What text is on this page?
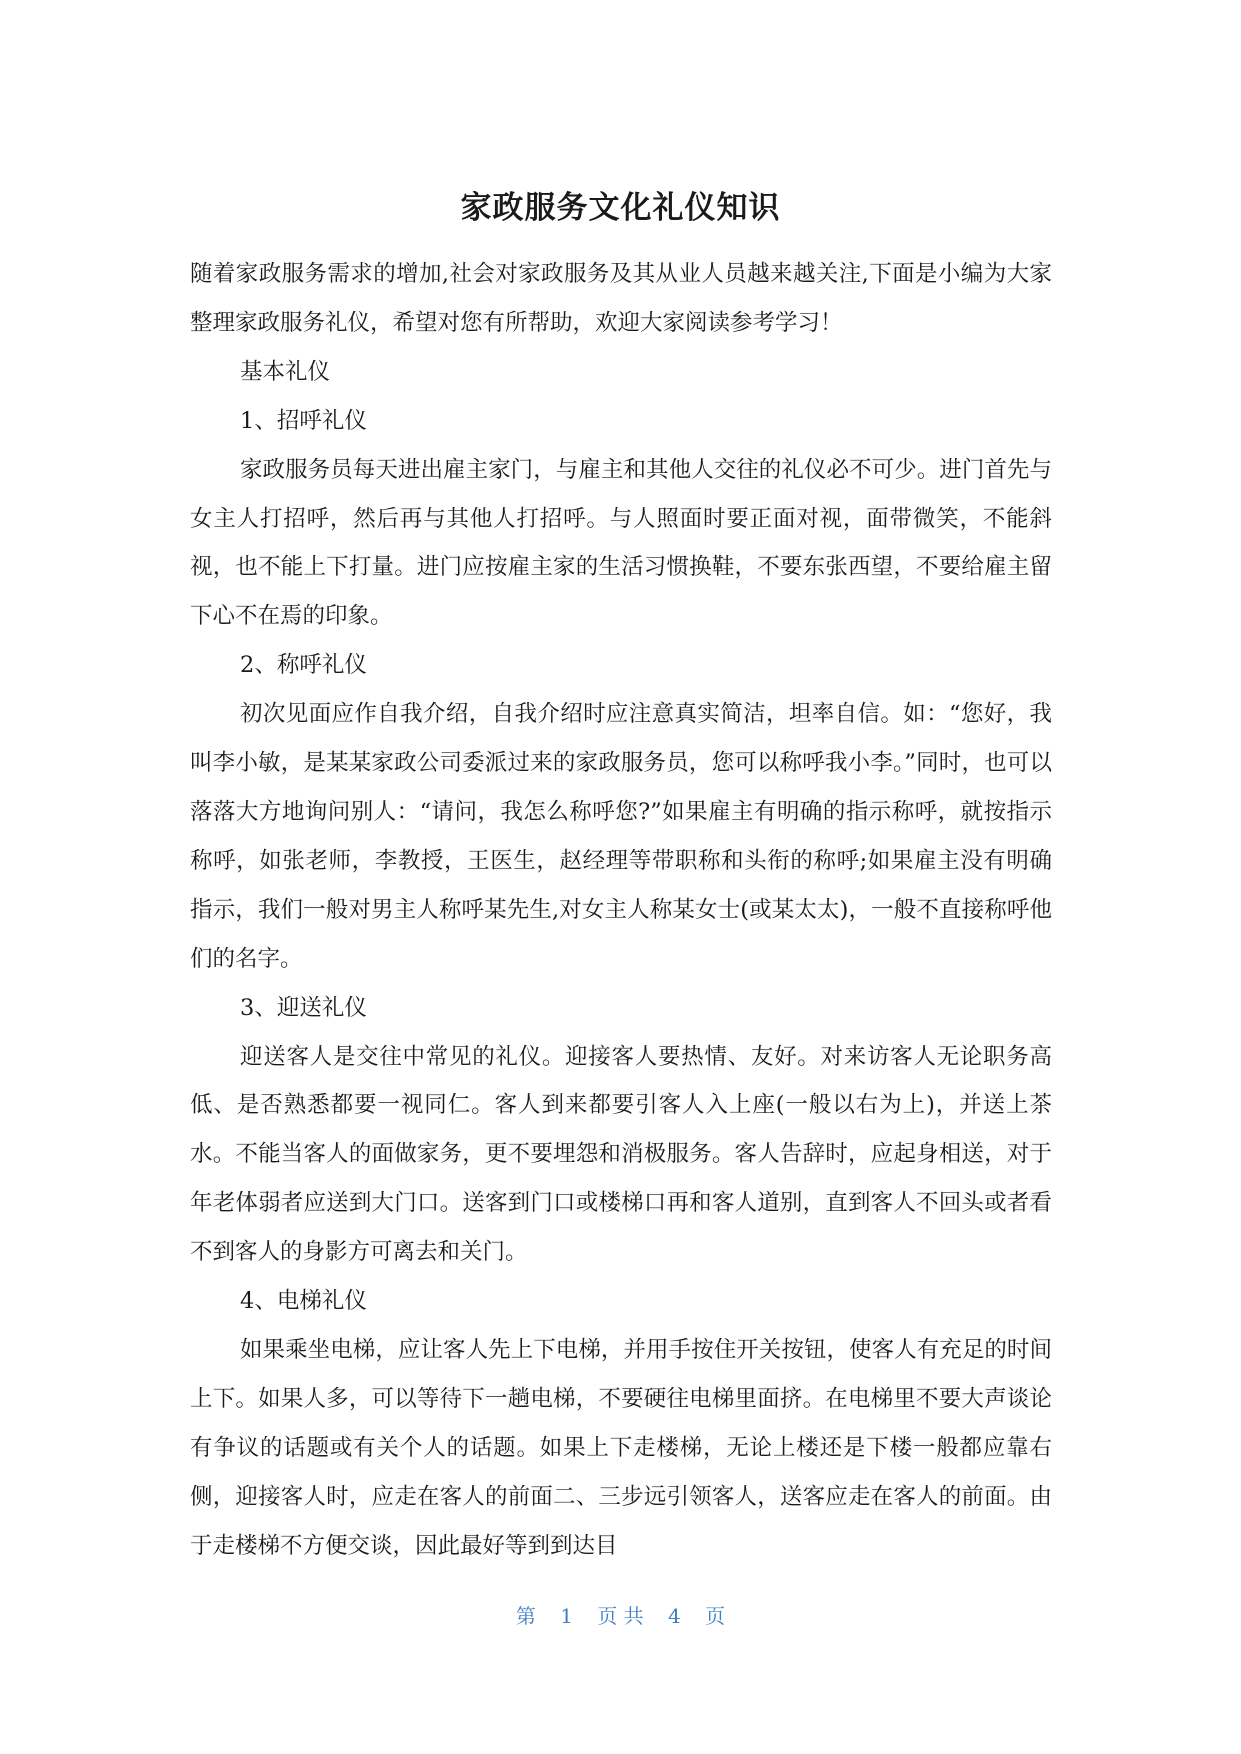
家政服务文化礼仪知识

随着家政服务需求的增加,社会对家政服务及其从业人员越来越关注,下面是小编为大家整理家政服务礼仪，希望对您有所帮助，欢迎大家阅读参考学习！

基本礼仪

1、招呼礼仪

家政服务员每天进出雇主家门，与雇主和其他人交往的礼仪必不可少。进门首先与女主人打招呼，然后再与其他人打招呼。与人照面时要正面对视，面带微笑，不能斜视，也不能上下打量。进门应按雇主家的生活习惯换鞋，不要东张西望，不要给雇主留下心不在焉的印象。

2、称呼礼仪

初次见面应作自我介绍，自我介绍时应注意真实简洁，坦率自信。如：“您好，我叫李小敏，是某某家政公司委派过来的家政服务员，您可以称呼我小李。”同时，也可以落落大方地询问别人：“请问，我怎么称呼您?”如果雇主有明确的指示称呼，就按指示称呼，如张老师，李教授，王医生，赵经理等带职称和头衔的称呼;如果雇主没有明确指示，我们一般对男主人称呼某先生,对女主人称某女士(或某太太)，一般不直接称呼他们的名字。

3、迎送礼仪

迎送客人是交往中常见的礼仪。迎接客人要热情、友好。对来访客人无论职务高低、是否熟悉都要一视同仁。客人到来都要引客人入上座(一般以右为上)，并送上茶水。不能当客人的面做家务，更不要埋怨和消极服务。客人告辞时，应起身相送，对于年老体弱者应送到大门口。送客到门口或楼梯口再和客人道别，直到客人不回头或者看不到客人的身影方可离去和关门。

4、电梯礼仪

如果乘坐电梯，应让客人先上下电梯，并用手按住开关按钮，使客人有充足的时间上下。如果人多，可以等待下一趟电梯，不要硬往电梯里面挤。在电梯里不要大声谈论有争议的话题或有关个人的话题。如果上下走楼梯，无论上楼还是下楼一般都应靠右侧，迎接客人时，应走在客人的前面二、三步远引领客人，送客应走在客人的前面。由于走楼梯不方便交谈，因此最好等到到达目

第 1 页 共 4 页
